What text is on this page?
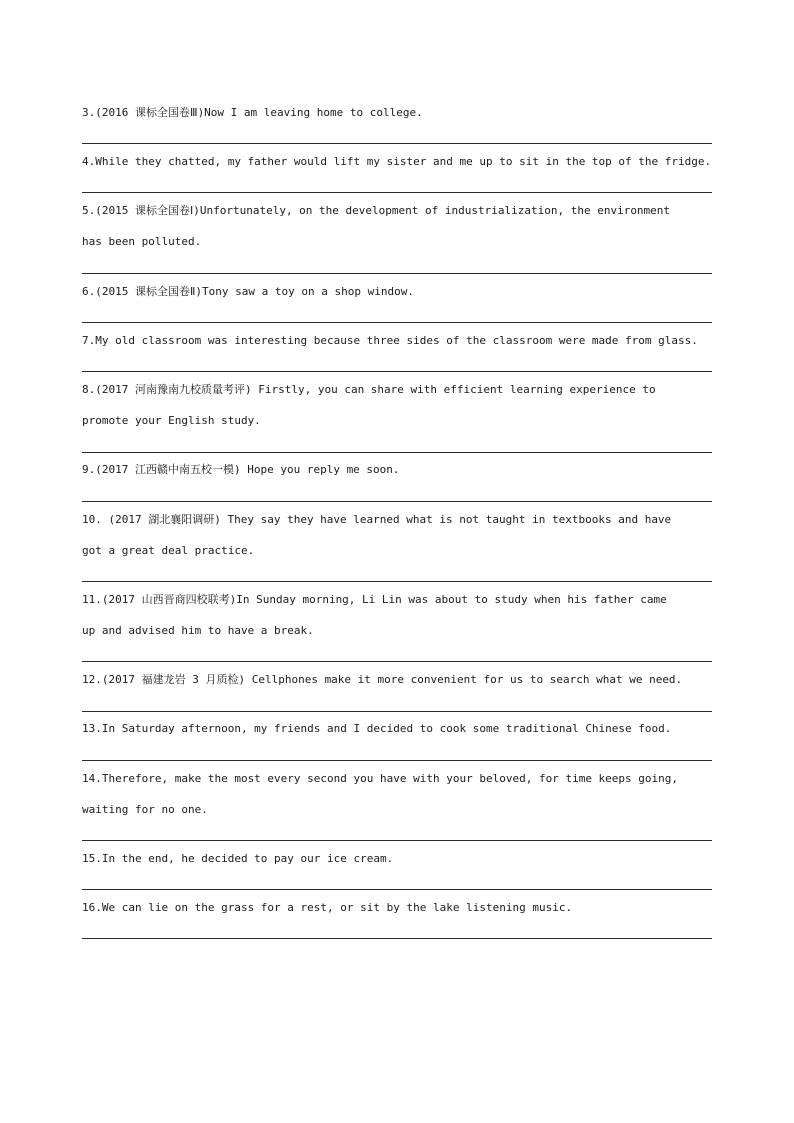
3.(2016 课标全国卷Ⅲ)Now I am leaving home to college.
4.While they chatted, my father would lift my sister and me up to sit in the top of the fridge.
5.(2015 课标全国卷Ⅰ)Unfortunately, on the development of industrialization, the environment
has been polluted.
6.(2015 课标全国卷Ⅱ)Tony saw a toy on a shop window.
7.My old classroom was interesting because three sides of the classroom were made from glass.
8.(2017 河南豫南九校质量考评) Firstly, you can share with efficient learning experience to
promote your English study.
9.(2017 江西赣中南五校一模) Hope you reply me soon.
10. (2017 湖北襄阳调研) They say they have learned what is not taught in textbooks and have
got a great deal practice.
11.(2017 山西晋商四校联考)In Sunday morning, Li Lin was about to study when his father came
up and advised him to have a break.
12.(2017 福建龙岩 3 月质检) Cellphones make it more convenient for us to search what we need.
13.In Saturday afternoon, my friends and I decided to cook some traditional Chinese food.
14.Therefore, make the most every second you have with your beloved, for time keeps going,
waiting for no one.
15.In the end, he decided to pay our ice cream.
16.We can lie on the grass for a rest, or sit by the lake listening music.
